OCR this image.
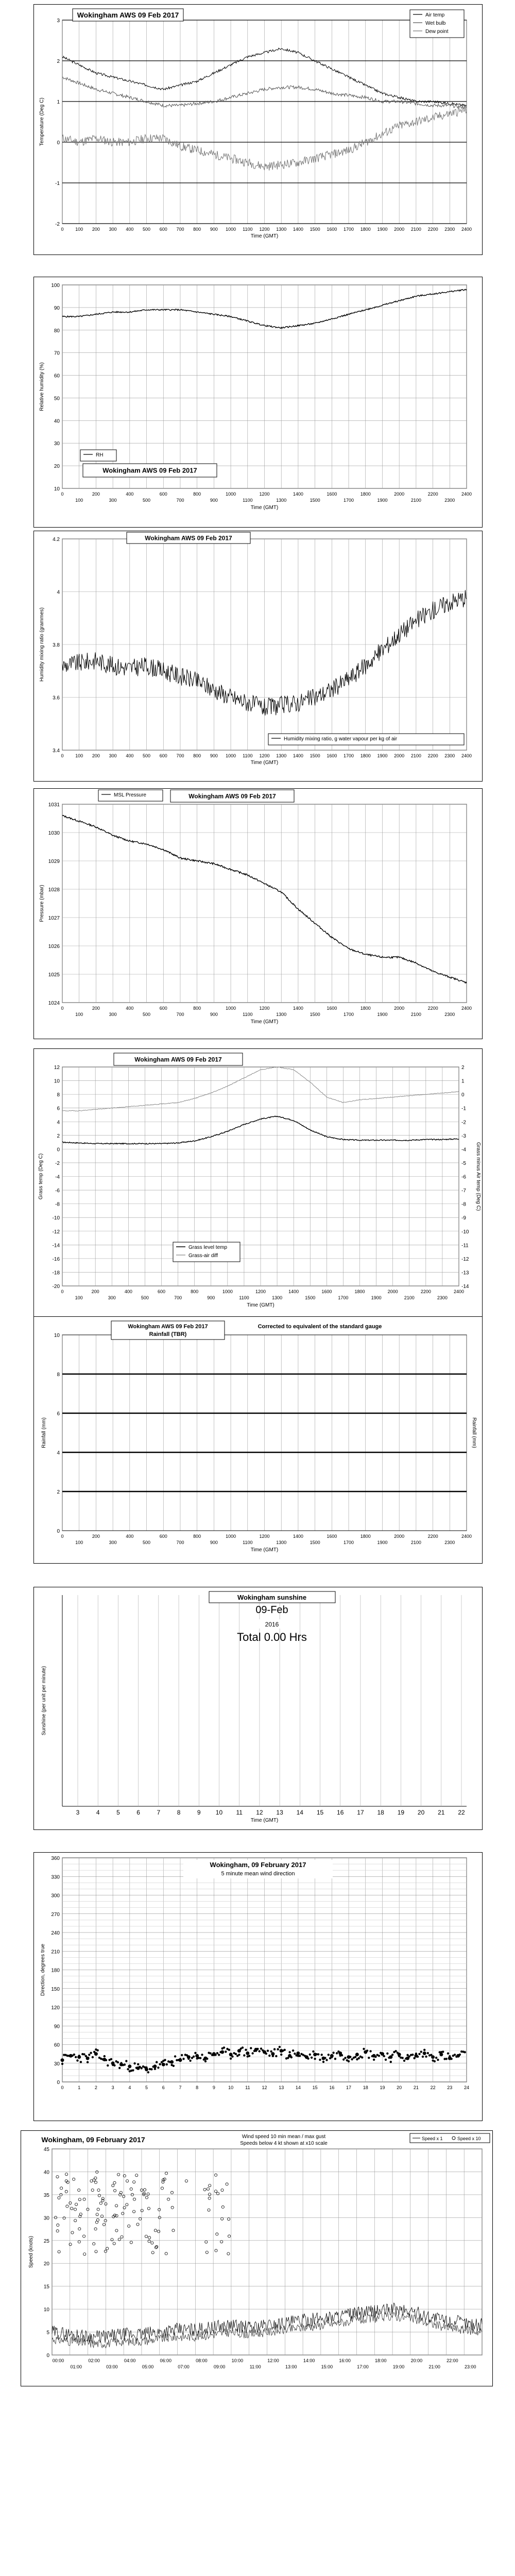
3
2
1
0
-1
-2
0	100 200 300 400 500 600 700 800 900 1000 1100 1200 1300 1400 1500 1600 1700 1800 1900 2000 2100 2200 2300 2400
Time (GMT)
Temperature (Deg C)
Wokingham AWS 09 Feb 2017	Air temp
Wet bulb
Dew point
100
90
80
70
60
50
40
30
20
10
0	200	400	600	800	1000	1200	1400	1600	1800	2000	2200	2400
100	300	500	700	900	1100	1300	1500	1700	1900	2100	2300
Time (GMT)
Relative humidity (%)
RH
Wokingham AWS 09 Feb 2017
4.2
4
3.8
3.6
3.4
0	100 200 300 400 500 600 700 800 900 1000 1100 1200 1300 1400 1500 1600 1700 1800 1900 2000 2100 2200 2300 2400
Time (GMT)
Humidity mixing ratio (grammes)
Wokingham AWS 09 Feb 2017
Humidity mixing ratio, g water vapour per kg of air
1031
1030
1029
1028
1027
1026
1025
1024
0	200	400	600	800	1000	1200	1400	1600	1800	2000	2200	2400
100	300	500	700	900	1100	1300	1500	1700	1900	2100	2300
Time (GMT)
Pressure (mbar)
MSL Pressure	Wokingham AWS 09 Feb 2017
12
10
8
6
4
2
0
-2
-4
-6
-8
-10
-12
-14
-16
-18
-20
2
1
0
-1
-2
-3
-4
-5
-6
-7
-8
-9
-10
-11
-12
-13
-14
0	200	400	600	800	1000	1200	1400	1600	1800	2000	2200	2400
100	300	500	700	900	1100	1300	1500	1700	1900	2100	2300
Time (GMT)
Grass temp (Deg C)	Grass minus Air temp (Deg C)
Wokingham AWS 09 Feb 2017
Grass level temp
Grass-air diff
10
8
6
4
2
0
0	200	400	600	800	1000	1200	1400	1600	1800	2000	2200	2400
100	300	500	700	900	1100	1300	1500	1700	1900	2100	2300
Time (GMT)
Rainfall (mm)	Rainfall (mm)
Wokingham AWS 09 Feb 2017
Rainfall (TBR)
Corrected to equivalent of the standard gauge
3	4	5	6	7	8	9 10 11 12 13 14 15 16 17 18 19 20 21 22
Time (GMT)
Sunshine (per unit per minute)
Wokingham sunshine
09-Feb
2016
Total 0.00 Hrs
360
330
300
270
240
210
180
150
120
90
60
30
0
0	1	2	3	4	5	6	7	8	9	10	11	12	13	14	15	16	17	18	19	20	21	22	23	24
Direction, degrees true
Wokingham, 09 February 2017
5 minute mean wind direction
45
40
35
30
25
20
15
10
5
0
00:00	02:00	04:00	06:00	08:00	10:00	12:00	14:00	16:00	18:00	20:00	22:00
01:00	03:00	05:00	07:00	09:00	11:00	13:00	15:00	17:00	19:00	21:00	23:00
Speed (knots)
Wokingham, 09 February 2017	Wind speed 10 min mean / max gust
Speeds below 4 kt shown at x10 scale
Speed x 1	Speed x 10
